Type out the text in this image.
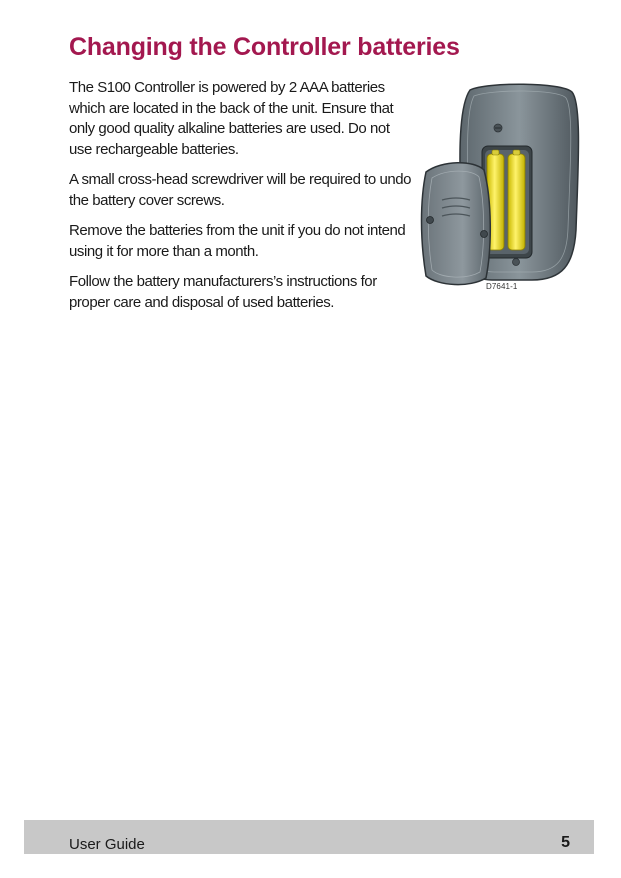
Changing the Controller batteries

The S100 Controller is powered by 2 AAA batteries which are located in the back of the unit. Ensure that only good quality alkaline batteries are used. Do not use rechargeable batteries.

A small cross-head screwdriver will be required to undo the battery cover screws.

Remove the batteries from the unit if you do not intend using it for more than a month.

Follow the battery manufacturers’s instructions for proper care and disposal of used batteries.

D7641-1
User Guide	5
